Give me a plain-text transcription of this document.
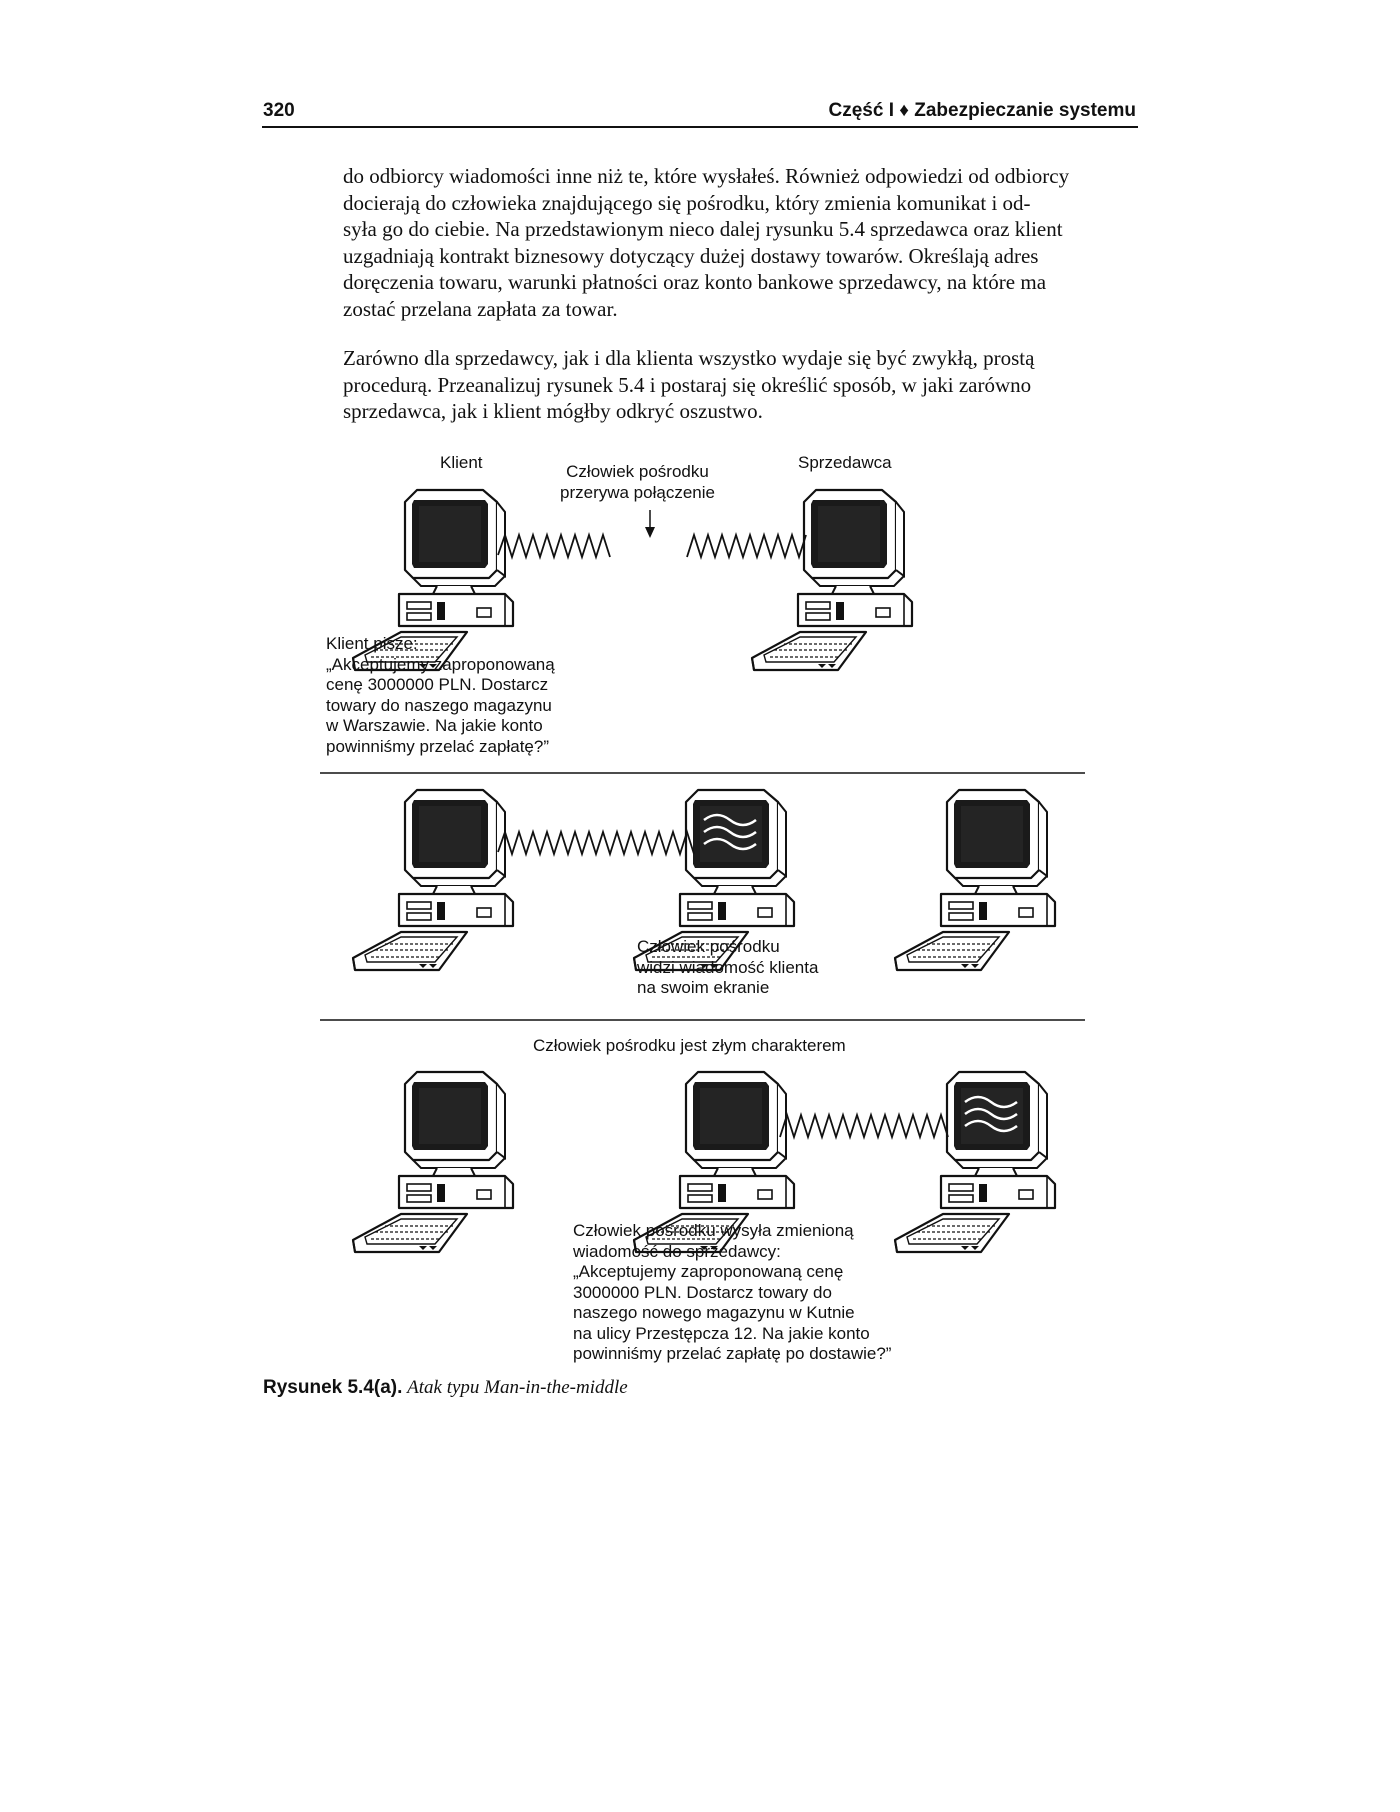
320	Część I ♦ Zabezpieczanie systemu
do odbiorcy wiadomości inne niż te, które wysłałeś. Również odpowiedzi od odbiorcy
docierają do człowieka znajdującego się pośrodku, który zmienia komunikat i od-
syła go do ciebie. Na przedstawionym nieco dalej rysunku 5.4 sprzedawca oraz klient
uzgadniają kontrakt biznesowy dotyczący dużej dostawy towarów. Określają adres
doręczenia towaru, warunki płatności oraz konto bankowe sprzedawcy, na które ma
zostać przelana zapłata za towar.
Zarówno dla sprzedawcy, jak i dla klienta wszystko wydaje się być zwykłą, prostą
procedurą. Przeanalizuj rysunek 5.4 i postaraj się określić sposób, w jaki zarówno
sprzedawca, jak i klient mógłby odkryć oszustwo.
Klient	Człowiek pośrodku
przerywa połączenie
Sprzedawca
Klient pisze:
„Akceptujemy zaproponowaną
cenę 3000000 PLN. Dostarcz
towary do naszego magazynu
w Warszawie. Na jakie konto
powinniśmy przelać zapłatę?”
Człowiek pośrodku
widzi wiadomość klienta
na swoim ekranie
Człowiek pośrodku jest złym charakterem
Człowiek pośrodku wysyła zmienioną
wiadomość do sprzedawcy:
„Akceptujemy zaproponowaną cenę
3000000 PLN. Dostarcz towary do
naszego nowego magazynu w Kutnie
na ulicy Przestępcza 12. Na jakie konto
powinniśmy przelać zapłatę po dostawie?”
Rysunek 5.4(a). Atak typu Man-in-the-middle
